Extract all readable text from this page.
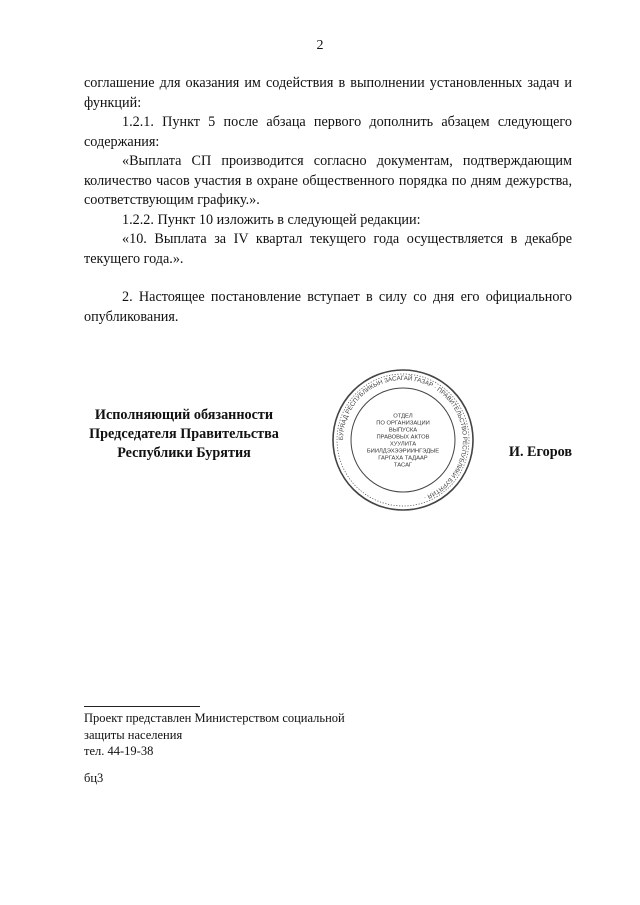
2

соглашение для оказания им содействия в выполнении установленных задач и функций:

1.2.1. Пункт 5 после абзаца первого дополнить абзацем следующего содержания:

«Выплата СП производится согласно документам, подтверждающим количество часов участия в охране общественного порядка по дням дежурства, соответствующим графику.».

1.2.2. Пункт 10 изложить в следующей редакции:

«10. Выплата за IV квартал текущего года осуществляется в декабре текущего года.».

2. Настоящее постановление вступает в силу со дня его официального опубликования.

Исполняющий обязанности
Председателя Правительства
Республики Бурятия
БУРЯАД РЕСПУБЛИКЫН ЗАСАГАЙ ГАЗАР · ПРАВИТЕЛЬСТВО РЕСПУБЛИКИ БУРЯТИЯ ·
ОТДЕЛ
ПО ОРГАНИЗАЦИИ
ВЫПУСКА
ПРАВОВЫХ АКТОВ
ХУУЛИТА
БИИЛДЭХЭЭРИИНГЭДЫЕ
ГАРГАХА ТАДААР
ТАСАГ
И. Егоров
Проект представлен Министерством социальной
защиты населения
тел. 44-19-38
бц3
